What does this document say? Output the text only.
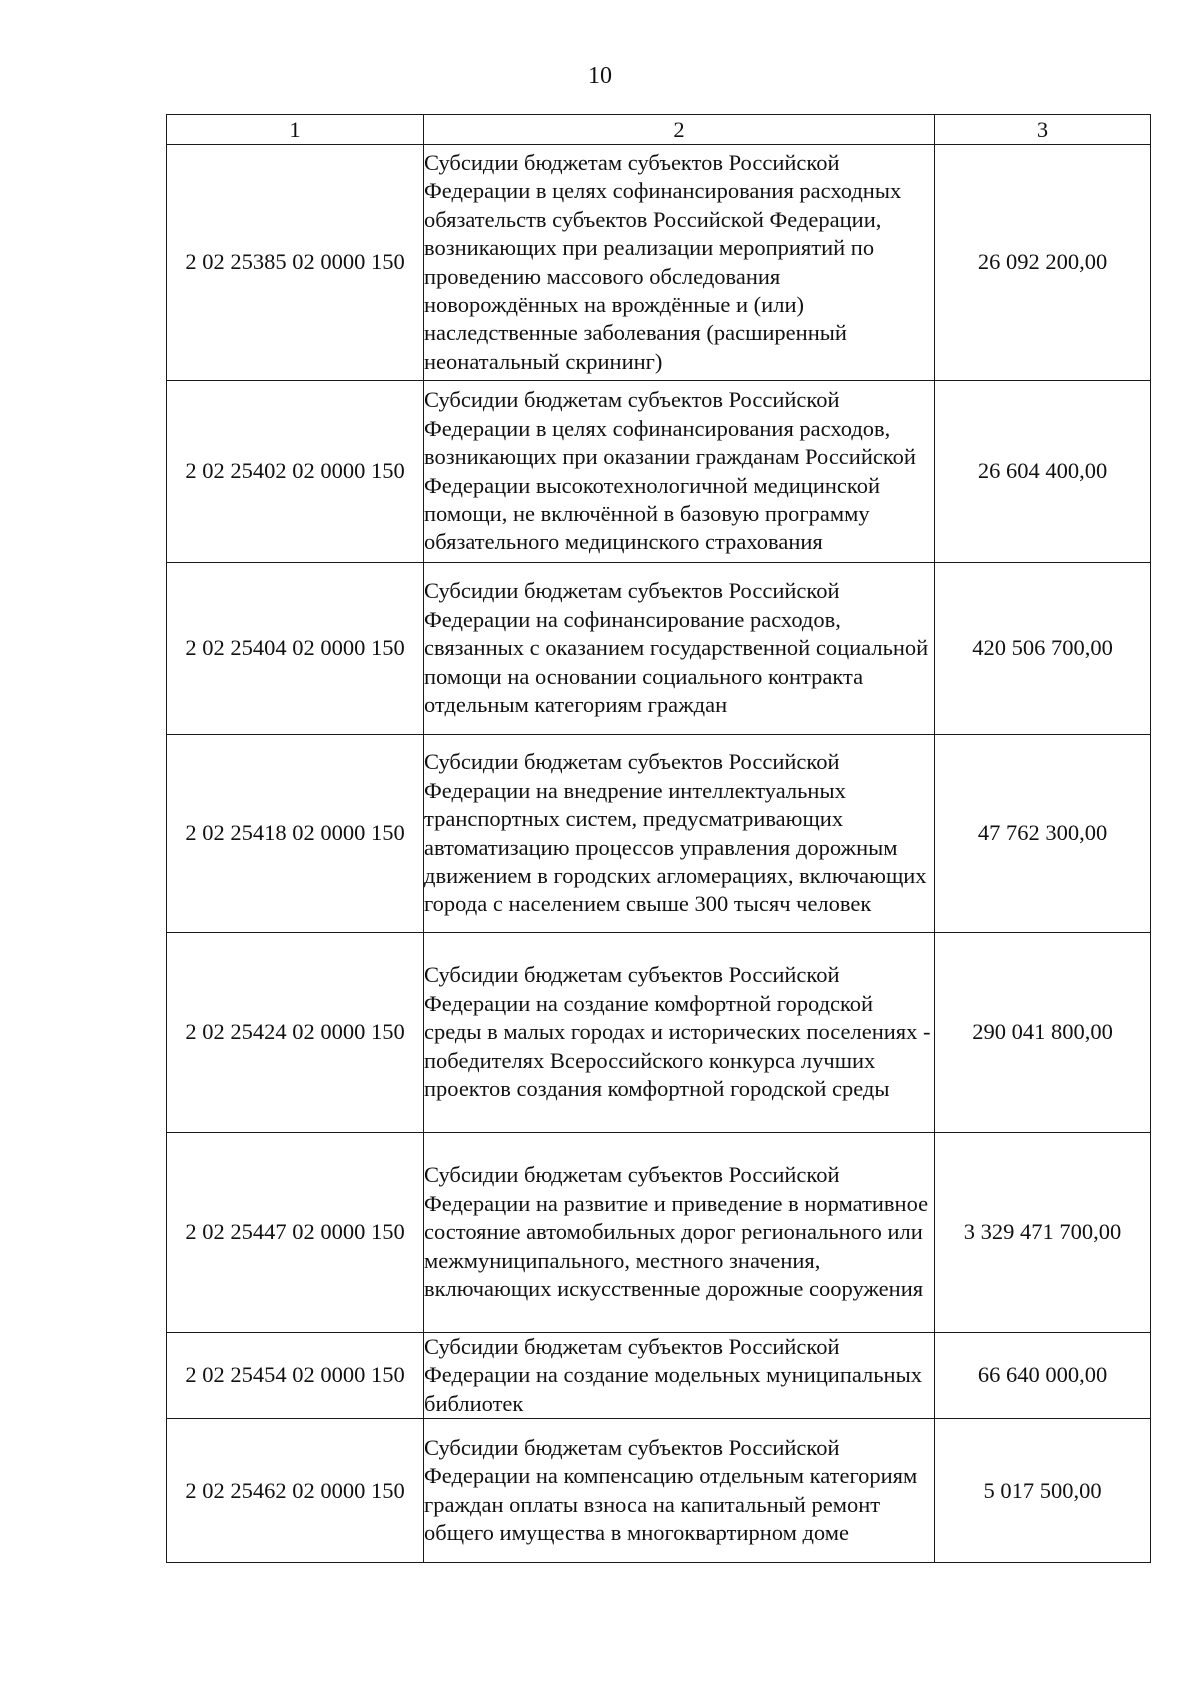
10
1	2	3
2 02 25385 02 0000 150	Субсидии бюджетам субъектов Российской Федерации в целях софинансирования расходных обязательств субъектов Российской Федерации, возникающих при реализации мероприятий по проведению массового обследования новорождённых на врождённые и (или) наследственные заболевания (расширенный неонатальный скрининг)	26 092 200,00
2 02 25402 02 0000 150	Субсидии бюджетам субъектов Российской Федерации в целях софинансирования расходов, возникающих при оказании гражданам Российской Федерации высокотехнологичной медицинской помощи, не включённой в базовую программу обязательного медицинского страхования	26 604 400,00
2 02 25404 02 0000 150	Субсидии бюджетам субъектов Российской Федерации на софинансирование расходов, связанных с оказанием государственной социальной помощи на основании социального контракта отдельным категориям граждан	420 506 700,00
2 02 25418 02 0000 150	Субсидии бюджетам субъектов Российской Федерации на внедрение интеллектуальных транспортных систем, предусматривающих автоматизацию процессов управления дорожным движением в городских агломерациях, включающих города с населением свыше 300 тысяч человек	47 762 300,00
2 02 25424 02 0000 150	Субсидии бюджетам субъектов Российской Федерации на создание комфортной городской среды в малых городах и исторических поселениях - победителях Всероссийского конкурса лучших проектов создания комфортной городской среды	290 041 800,00
2 02 25447 02 0000 150	Субсидии бюджетам субъектов Российской Федерации на развитие и приведение в нормативное состояние автомобильных дорог регионального или межмуниципального, местного значения, включающих искусственные дорожные сооружения	3 329 471 700,00
2 02 25454 02 0000 150	Субсидии бюджетам субъектов Российской Федерации на создание модельных муниципальных библиотек	66 640 000,00
2 02 25462 02 0000 150	Субсидии бюджетам субъектов Российской Федерации на компенсацию отдельным категориям граждан оплаты взноса на капитальный ремонт общего имущества в многоквартирном доме	5 017 500,00
